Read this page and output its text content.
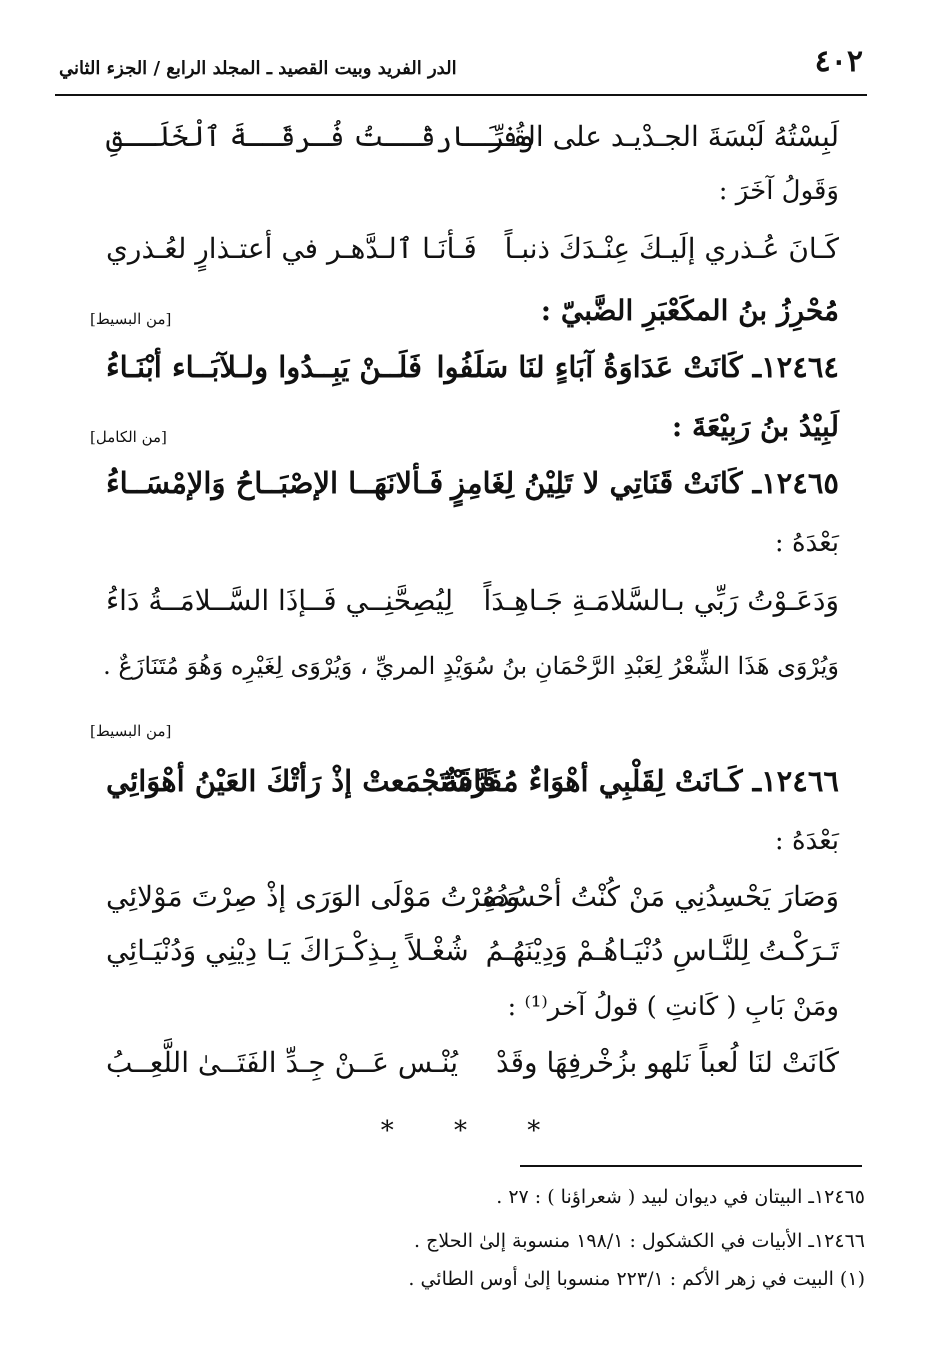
٤٠٢
الدر الفريد وبيت القصيد ـ المجلد الرابع / الجزء الثاني
لَبِسْتُهُ لَبْسَةَ الجـدْيـد على القُـرِّ
وفـَـارقْــتُ فُـرقَــةَ ٱلْخَلَــقِ
وَقَولُ آخَرَ :
كَـانَ عُـذري إلَيـكَ عِنْـدَكَ ذنبـاً
فَـأنَـا ٱلـدَّهـر في أعتـذارٍ لعُـذري
مُحْرِزُ بنُ المكَعْبَرِ الضَّبيّ :
[من البسيط]
١٢٤٦٤ـ كَانَتْ عَدَاوَةُ آبَاءٍ لنَا سَلَفُوا
فَلَــنْ يَبِــدُوا ولـلآبَــاء أبْنَـاءُ
لَبِيْدُ بنُ رَبِيْعَةَ :
[من الكامل]
١٢٤٦٥ـ كَانَتْ قَنَاتِي لا تَلِيْنُ لِغَامِزٍ
فَـألانَهَــا الإصْبَــاحُ وَالإمْسَــاءُ
بَعْدَهُ :
وَدَعَـوْتُ رَبِّي بـالسَّلامَـةِ جَـاهِـدَاً
لِيُصِحَّنِــي فَــإذَا السَّــلامَــةُ دَاءُ
وَيُرْوَى هَذَا الشِّعْرُ لِعَبْدِ الرَّحْمَانِ بنُ سُوَيْدٍ المريِّ ، وَيُرْوَى لِغَيْرِه وَهُوَ مُتَنَازَعٌ .
[من البسيط]
١٢٤٦٦ـ كَـانَتْ لِقَلْبِي أهْوَاءٌ مُفَرَّقَةٌ
فَاسْتَجْمَعتْ إذْ رَأتْكَ العَيْنُ أهْوَائِي
بَعْدَهُ :
وَصَارَ يَحْسِدُنِي مَنْ كُنْتُ أحْسُدُهُ
وَصِرْتُ مَوْلَى الوَرَى إذْ صِرْتَ مَوْلائِي
تَـرَكْـتُ لِلنَّـاسِ دُنْيَـاهُـمْ وَدِيْنَهُـمُ
شُغْـلاً بِـذِكْـرَاكَ يَـا دِيْنِي وَدُنْيَـائِي
ومَنْ بَابِ ( كَانتِ ) قولُ آخر⁽¹⁾ :
كَانَتْ لنَا لُعباً نَلهو بزُخْرفِهَا وقَدْ
يُنْـس عَــنْ جِـدِّ الفَتَــىٰ اللَّعِــبُ
* * *
١٢٤٦٥ـ البيتان في ديوان لبيد ( شعراؤنا ) : ٢٧ .
١٢٤٦٦ـ الأبيات في الكشكول : ١٩٨/١ منسوبة إلىٰ الحلاج .
(١) البيت في زهر الأكم : ٢٢٣/١ منسوبا إلىٰ أوس الطائي .
